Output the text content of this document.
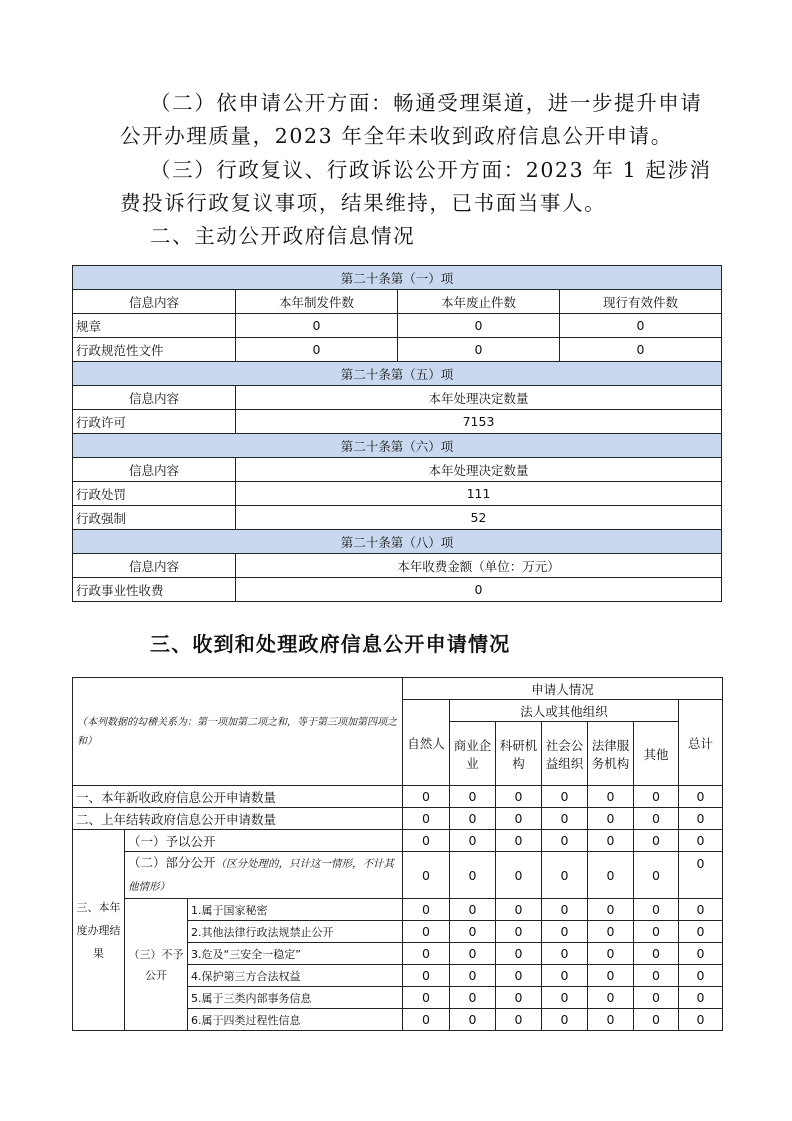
（二）依申请公开方面：畅通受理渠道，进一步提升申请
公开办理质量，2023 年全年未收到政府信息公开申请。
（三）行政复议、行政诉讼公开方面：2023 年 1 起涉消
费投诉行政复议事项，结果维持，已书面当事人。
二、主动公开政府信息情况
第二十条第（一）项			
信息内容	本年制发件数	本年废止件数	现行有效件数
规章	0	0	0
行政规范性文件	0	0	0
第二十条第（五）项			
信息内容	本年处理决定数量		
行政许可	7153		
第二十条第（六）项			
信息内容	本年处理决定数量		
行政处罚	111		
行政强制	52		
第二十条第（八）项			
信息内容	本年收费金额（单位：万元）		
行政事业性收费	0		
三、收到和处理政府信息公开申请情况
（本列数据的勾稽关系为：第一项加第二项之和，等于第三项加第四项之和）			申请人情况						
			自然人	法人或其他组织					总计
				商业企业	科研机构	社会公益组织	法律服务机构	其他	
一、本年新收政府信息公开申请数量			0	0	0	0	0	0	0
二、上年结转政府信息公开申请数量			0	0	0	0	0	0	0
三、本年度办理结果	（一）予以公开		0	0	0	0	0	0	0
	（二）部分公开（区分处理的，只计这一情形，不计其他情形）		0	0	0	0	0	0	0
	（三）不予公开	1.属于国家秘密	0	0	0	0	0	0	0
		2.其他法律行政法规禁止公开	0	0	0	0	0	0	0
		3.危及“三安全一稳定”	0	0	0	0	0	0	0
		4.保护第三方合法权益	0	0	0	0	0	0	0
		5.属于三类内部事务信息	0	0	0	0	0	0	0
		6.属于四类过程性信息	0	0	0	0	0	0	0
